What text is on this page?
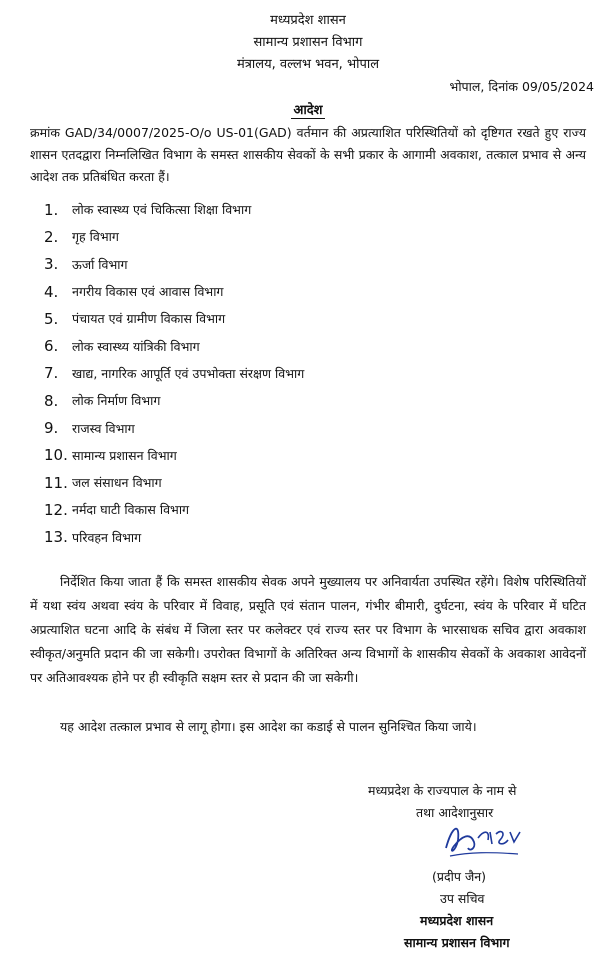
मध्यप्रदेश शासन
सामान्य प्रशासन विभाग
मंत्रालय, वल्लभ भवन, भोपाल
भोपाल, दिनांक 09/05/2024
आदेश
क्रमांक GAD/34/0007/2025-O/o US-01(GAD) वर्तमान की अप्रत्याशित परिस्थितियों को दृष्टिगत रखते हुए राज्य शासन एतदद्वारा निम्नलिखित विभाग के समस्त शासकीय सेवकों के सभी प्रकार के आगामी अवकाश, तत्काल प्रभाव से अन्य आदेश तक प्रतिबंधित करता हैं।
1.	लोक स्वास्थ्य एवं चिकित्सा शिक्षा विभाग
2.	गृह विभाग
3.	ऊर्जा विभाग
4.	नगरीय विकास एवं आवास विभाग
5.	पंचायत एवं ग्रामीण विकास विभाग
6.	लोक स्वास्थ्य यांत्रिकी विभाग
7.	खाद्य, नागरिक आपूर्ति एवं उपभोक्ता संरक्षण विभाग
8.	लोक निर्माण विभाग
9.	राजस्व विभाग
10. सामान्य प्रशासन विभाग
11. जल संसाधन विभाग
12. नर्मदा घाटी विकास विभाग
13. परिवहन विभाग
निर्देशित किया जाता हैं कि समस्त शासकीय सेवक अपने मुख्यालय पर अनिवार्यता उपस्थित रहेंगे। विशेष परिस्थितियों में यथा स्वंय अथवा स्वंय के परिवार में विवाह, प्रसूति एवं संतान पालन, गंभीर बीमारी, दुर्घटना, स्वंय के परिवार में घटित अप्रत्याशित घटना आदि के संबंध में जिला स्तर पर कलेक्टर एवं राज्य स्तर पर विभाग के भारसाधक सचिव द्वारा अवकाश स्वीकृत/अनुमति प्रदान की जा सकेगी। उपरोक्त विभागों के अतिरिक्त अन्य विभागों के शासकीय सेवकों के अवकाश आवेदनों पर अतिआवश्यक होने पर ही स्वीकृति सक्षम स्तर से प्रदान की जा सकेगी।
यह आदेश तत्काल प्रभाव से लागू होगा। इस आदेश का कडाई से पालन सुनिश्चित किया जाये।
मध्यप्रदेश के राज्यपाल के नाम से
तथा आदेशानुसार
(प्रदीप जैन)
उप सचिव
मध्यप्रदेश शासन
सामान्य प्रशासन विभाग
